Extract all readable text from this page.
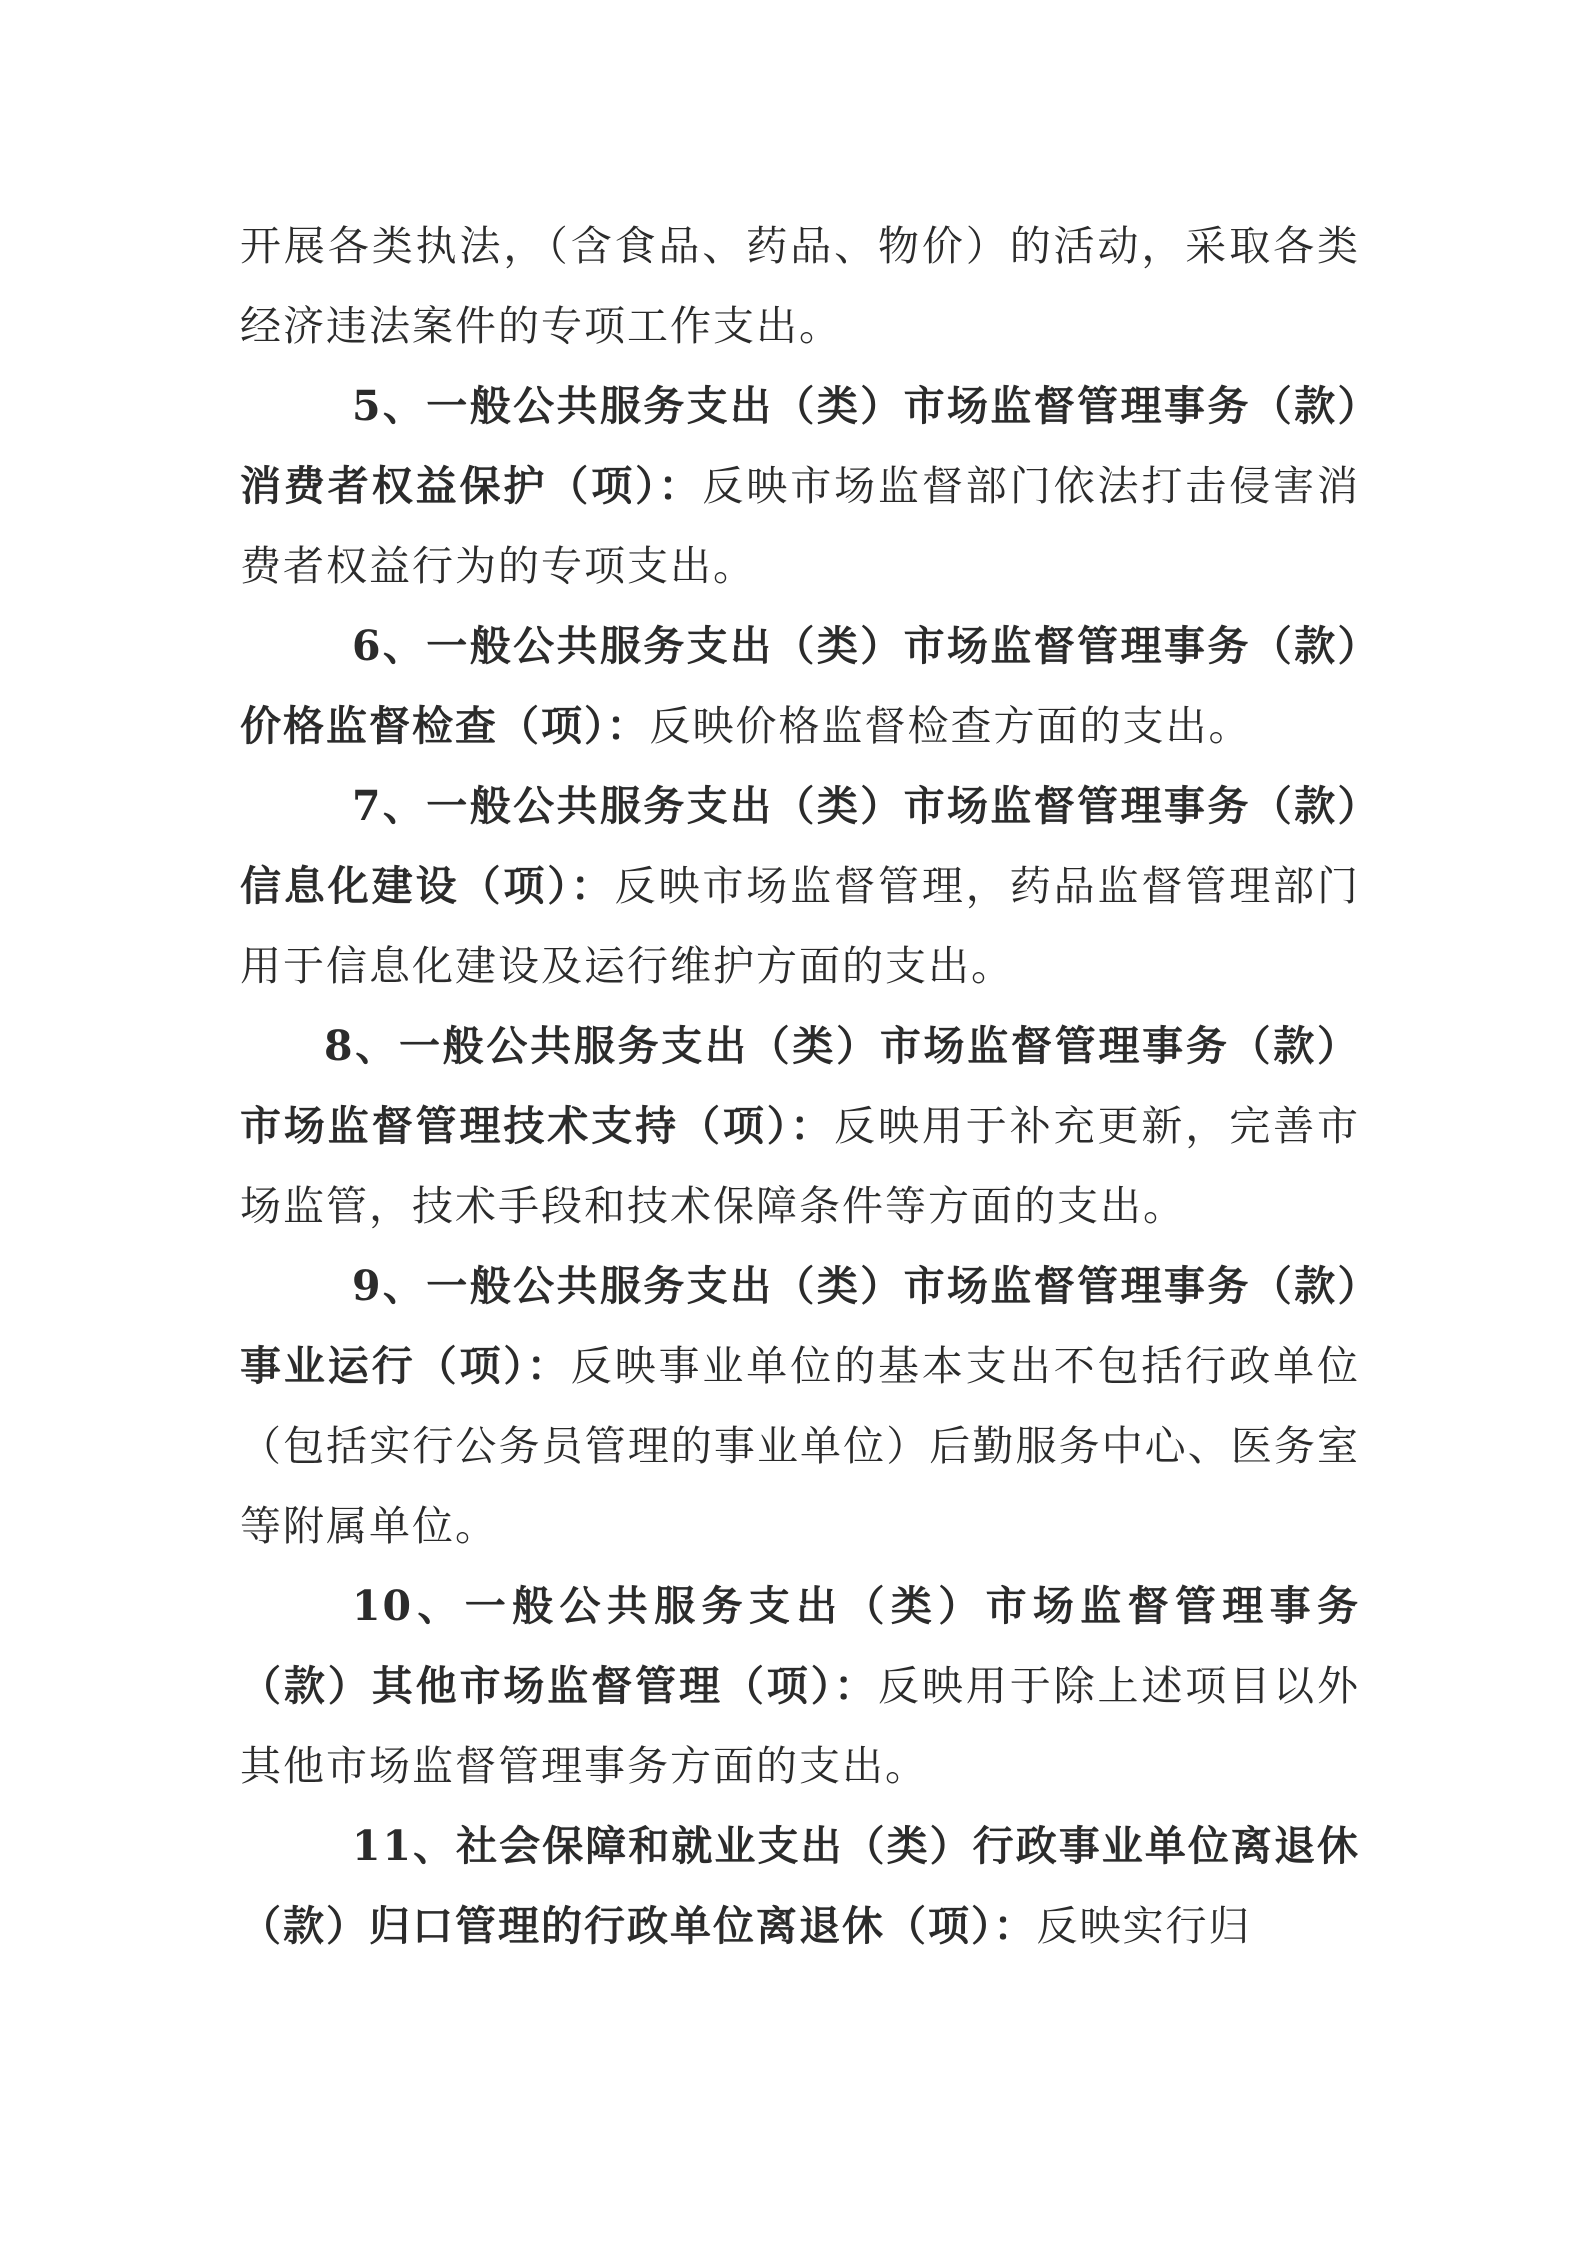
开展各类执法，（含食品、药品、物价）的活动，采取各类经济违法案件的专项工作支出。

5、一般公共服务支出（类）市场监督管理事务（款）消费者权益保护（项）：反映市场监督部门依法打击侵害消费者权益行为的专项支出。

6、一般公共服务支出（类）市场监督管理事务（款）价格监督检查（项）：反映价格监督检查方面的支出。

7、一般公共服务支出（类）市场监督管理事务（款）信息化建设（项）：反映市场监督管理，药品监督管理部门用于信息化建设及运行维护方面的支出。

8、一般公共服务支出（类）市场监督管理事务（款）市场监督管理技术支持（项）：反映用于补充更新，完善市场监管，技术手段和技术保障条件等方面的支出。

9、一般公共服务支出（类）市场监督管理事务（款）事业运行（项）：反映事业单位的基本支出不包括行政单位（包括实行公务员管理的事业单位）后勤服务中心、医务室等附属单位。

10、一般公共服务支出（类）市场监督管理事务（款）其他市场监督管理（项）：反映用于除上述项目以外其他市场监督管理事务方面的支出。

11、社会保障和就业支出（类）行政事业单位离退休（款）归口管理的行政单位离退休（项）：反映实行归
